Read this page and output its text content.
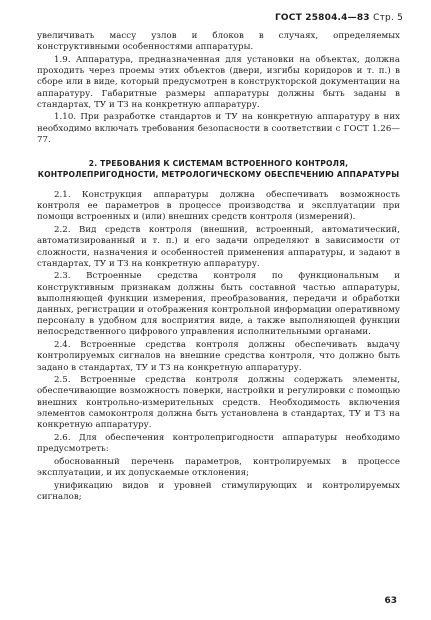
ГОСТ 25804.4—83 Стр. 5

увеличивать массу узлов и блоков в случаях, определяемых конструктивными особенностями аппаратуры.

1.9. Аппаратура, предназначенная для установки на объектах, должна проходить через проемы этих объектов (двери, изгибы коридоров и т. п.) в сборе или в виде, который предусмотрен в конструкторской документации на аппаратуру. Габаритные размеры аппаратуры должны быть заданы в стандартах, ТУ и ТЗ на конкретную аппаратуру.

1.10. При разработке стандартов и ТУ на конкретную аппаратуру в них необходимо включать требования безопасности в соответствии с ГОСТ 1.26—77.

2. ТРЕБОВАНИЯ К СИСТЕМАМ ВСТРОЕННОГО КОНТРОЛЯ,
КОНТРОЛЕПРИГОДНОСТИ, МЕТРОЛОГИЧЕСКОМУ ОБЕСПЕЧЕНИЮ АППАРАТУРЫ

2.1. Конструкция аппаратуры должна обеспечивать возможность контроля ее параметров в процессе производства и эксплуатации при помощи встроенных и (или) внешних средств контроля (измерений).

2.2. Вид средств контроля (внешний, встроенный, автоматический, автоматизированный и т. п.) и его задачи определяют в зависимости от сложности, назначения и особенностей применения аппаратуры, и задают в стандартах, ТУ и ТЗ на конкретную аппаратуру.

2.3. Встроенные средства контроля по функциональным и конструктивным признакам должны быть составной частью аппаратуры, выполняющей функции измерения, преобразования, передачи и обработки данных, регистрации и отображения контрольной информации оперативному персоналу в удобном для восприятия виде, а также выполняющей функции непосредственного цифрового управления исполнительными органами.

2.4. Встроенные средства контроля должны обеспечивать выдачу контролируемых сигналов на внешние средства контроля, что должно быть задано в стандартах, ТУ и ТЗ на конкретную аппаратуру.

2.5. Встроенные средства контроля должны содержать элементы, обеспечивающие возможность поверки, настройки и регулировки с помощью внешних контрольно-измерительных средств. Необходимость включения элементов самоконтроля должна быть установлена в стандартах, ТУ и ТЗ на конкретную аппаратуру.

2.6. Для обеспечения контролепригодности аппаратуры необходимо предусмотреть:

обоснованный перечень параметров, контролируемых в процессе эксплуатации, и их допускаемые отклонения;

унификацию видов и уровней стимулирующих и контролируемых сигналов;

63
